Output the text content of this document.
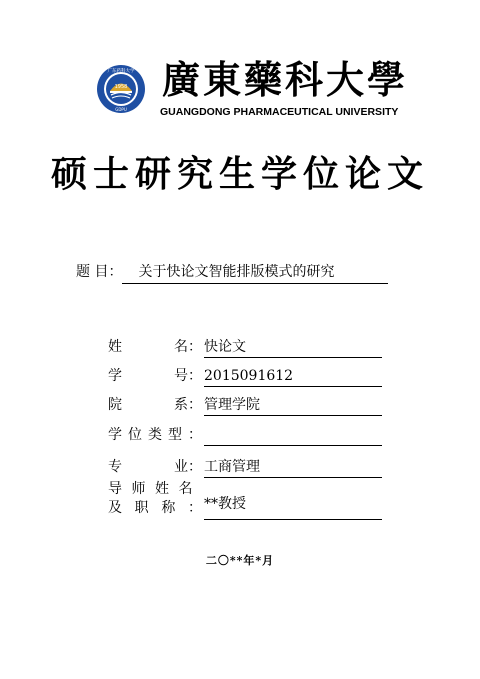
1958
GDPU
广东药科大学 廣東藥科大學
GUANGDONG PHARMACEUTICAL UNIVERSITY
硕士研究生学位论文
题 目： 关于快论文智能排版模式的研究
姓	名： 快论文
学	号： 2015091612
院	系： 管理学院
学 位 类 型 ：
专	业： 工商管理
导 师 姓 名
及 职 称 ： **教授
二〇**年*月
